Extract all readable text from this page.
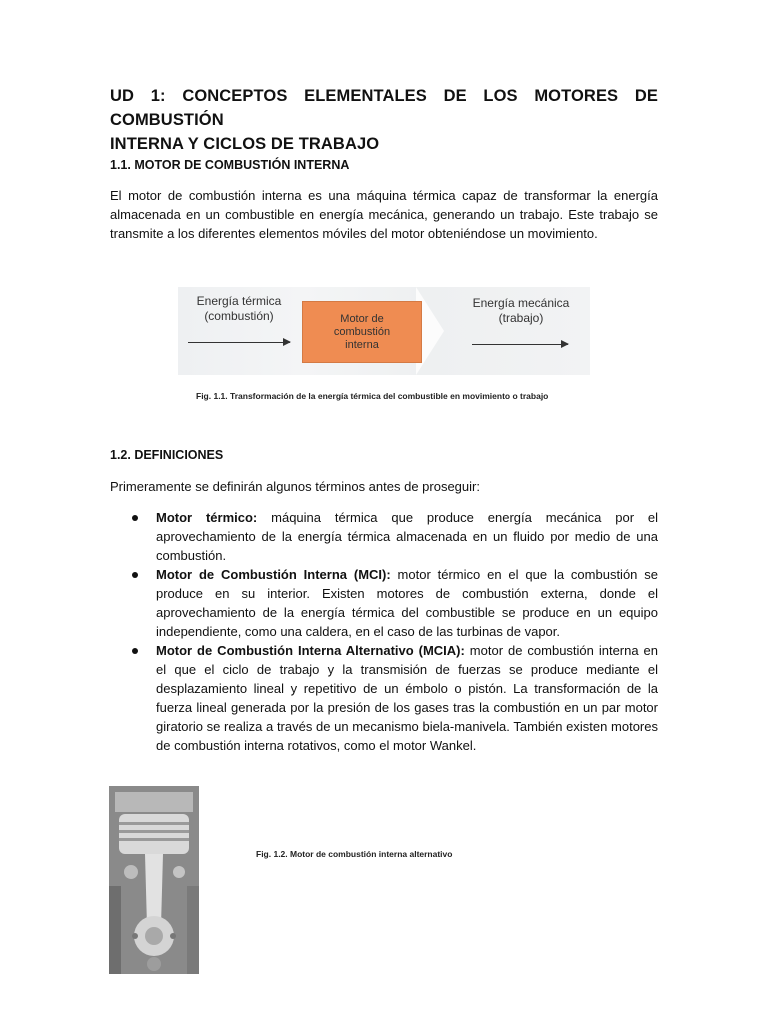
UD 1: CONCEPTOS ELEMENTALES DE LOS MOTORES DE COMBUSTIÓN
INTERNA Y CICLOS DE TRABAJO
1.1. MOTOR DE COMBUSTIÓN INTERNA
El motor de combustión interna es una máquina térmica capaz de transformar la energía almacenada en un combustible en energía mecánica, generando un trabajo. Este trabajo se transmite a los diferentes elementos móviles del motor obteniéndose un movimiento.
Energía térmica
(combustión)	Motor de
combustión
interna
Energía mecánica
(trabajo)
Fig. 1.1. Transformación de la energía térmica del combustible en movimiento o trabajo
1.2. DEFINICIONES
Primeramente se definirán algunos términos antes de proseguir:
Motor térmico: máquina térmica que produce energía mecánica por el aprovechamiento de la energía térmica almacenada en un fluido por medio de una combustión.
Motor de Combustión Interna (MCI): motor térmico en el que la combustión se produce en su interior. Existen motores de combustión externa, donde el aprovechamiento de la energía térmica del combustible se produce en un equipo independiente, como una caldera, en el caso de las turbinas de vapor.
Motor de Combustión Interna Alternativo (MCIA): motor de combustión interna en el que el ciclo de trabajo y la transmisión de fuerzas se produce mediante el desplazamiento lineal y repetitivo de un émbolo o pistón. La transformación de la fuerza lineal generada por la presión de los gases tras la combustión en un par motor giratorio se realiza a través de un mecanismo biela-manivela. También existen motores de combustión interna rotativos, como el motor Wankel.
Fig. 1.2. Motor de combustión interna alternativo
